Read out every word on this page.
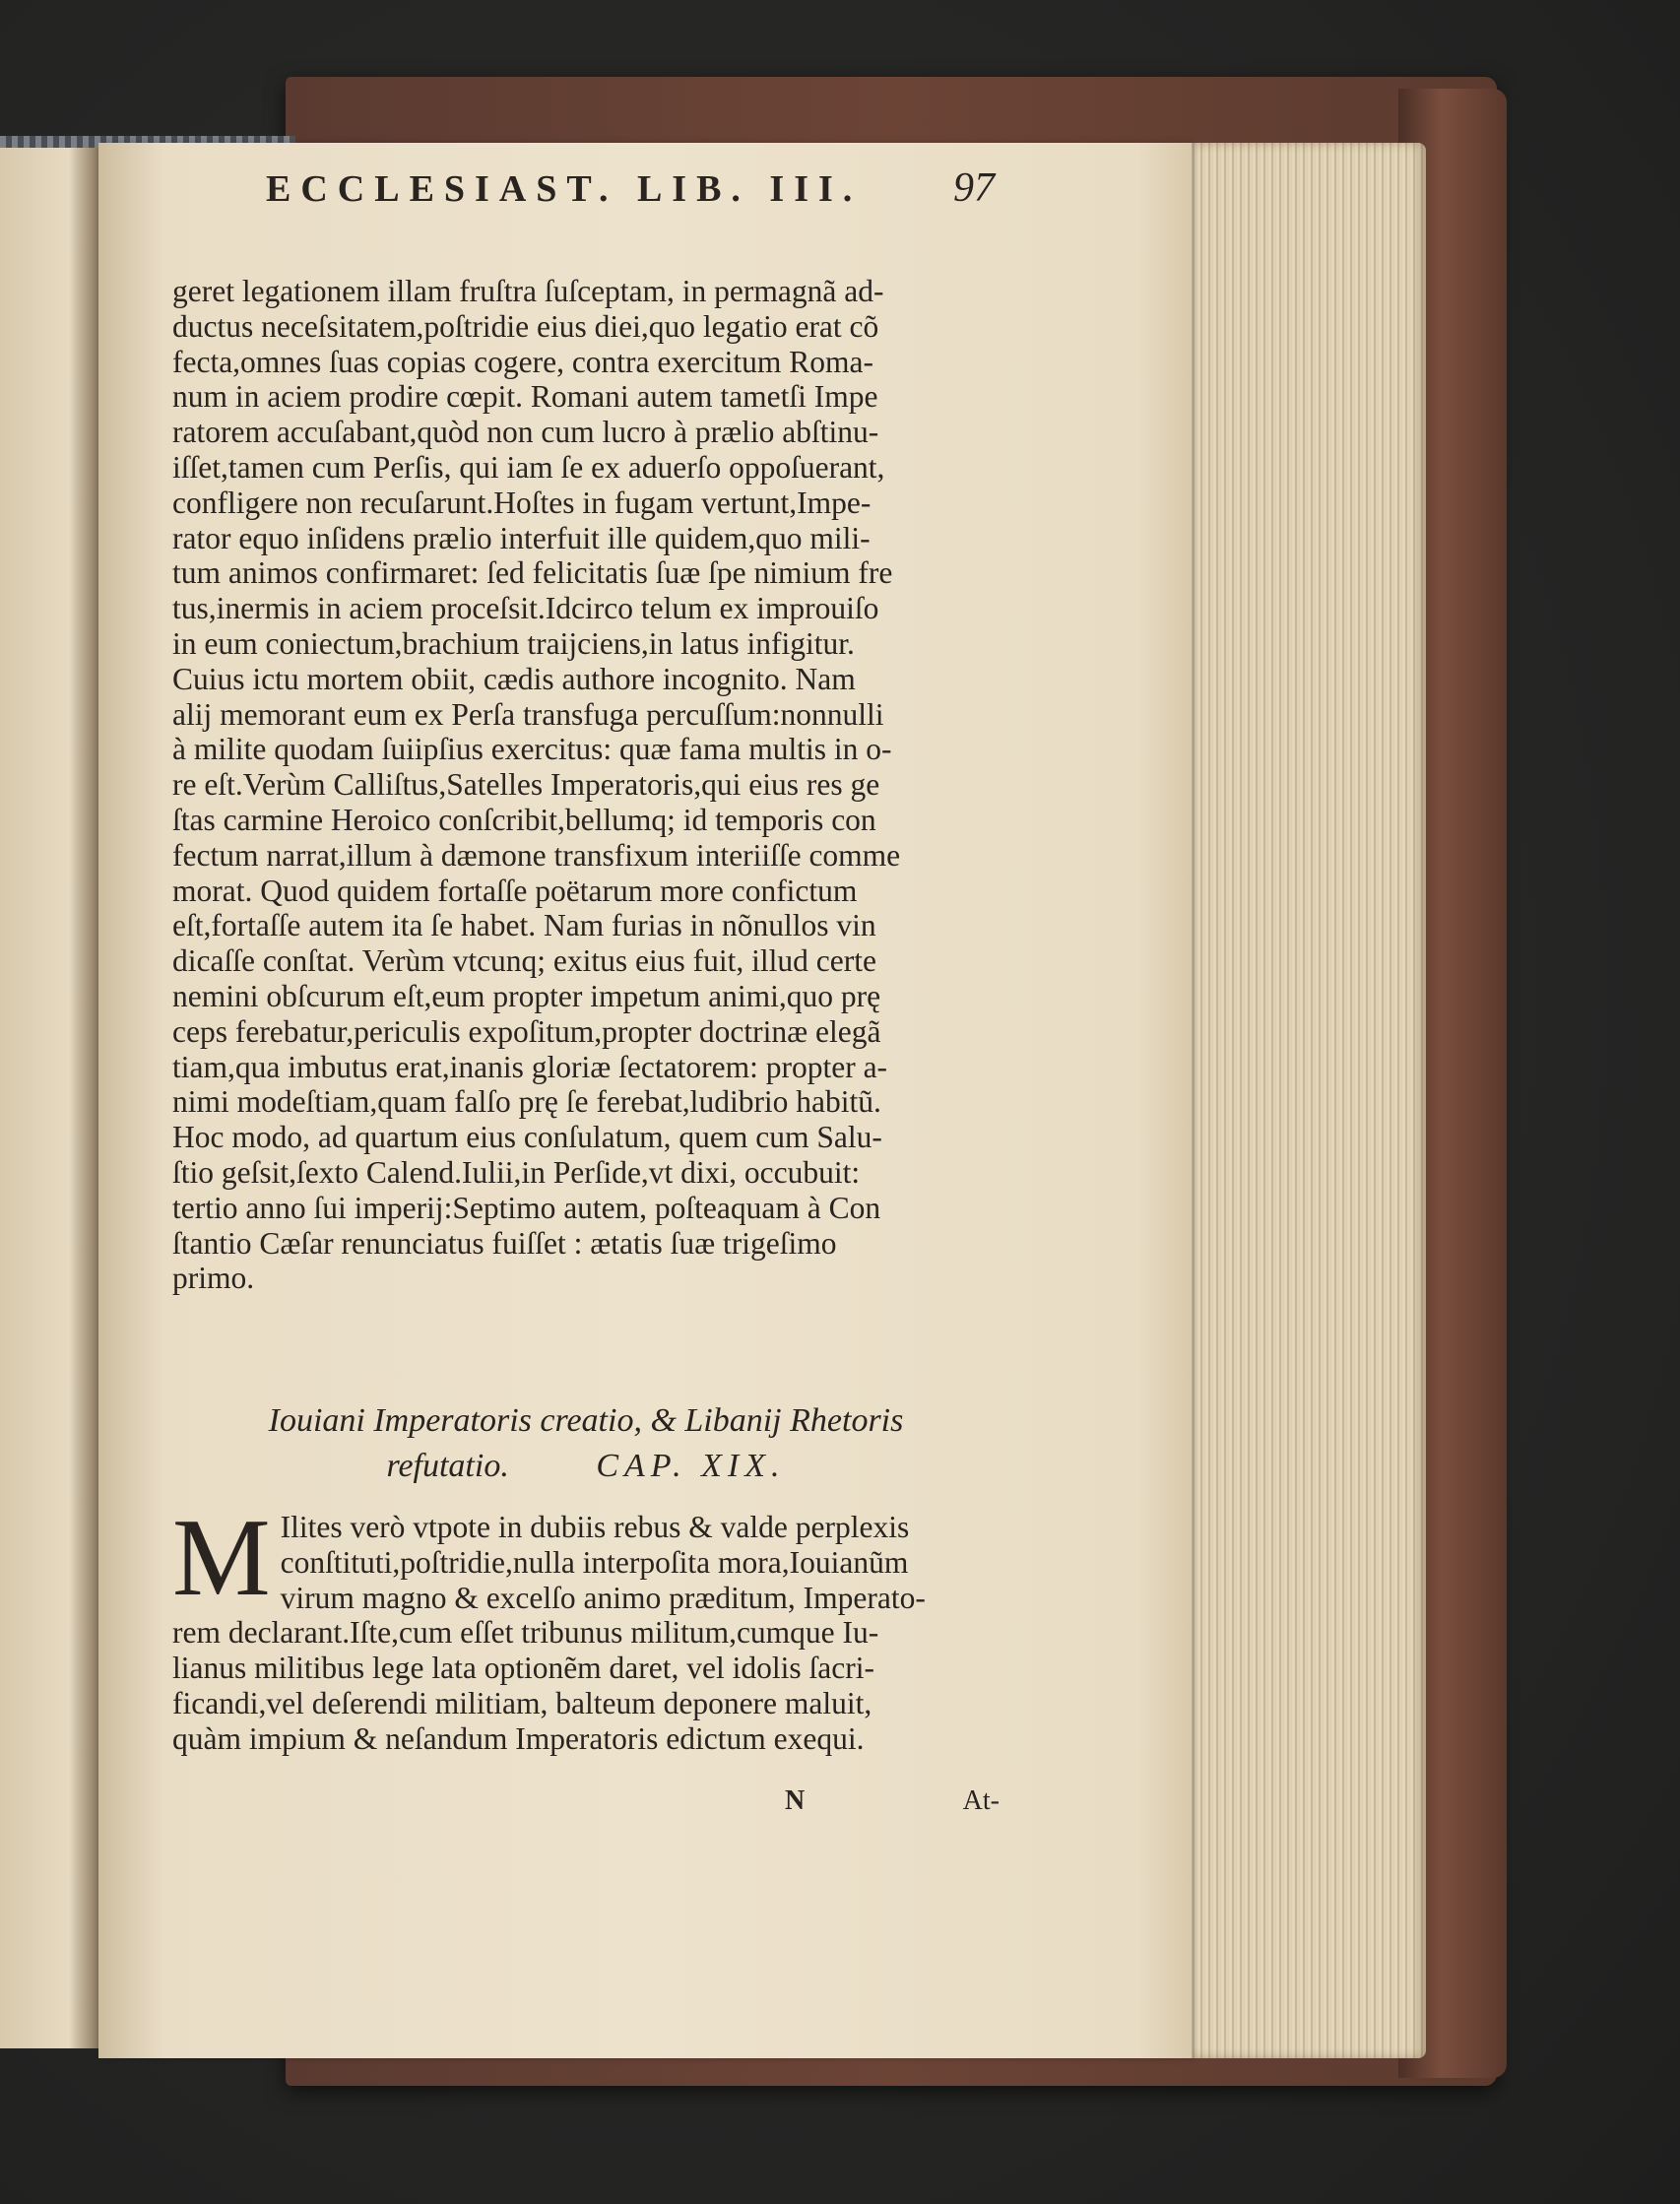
ECCLESIAST. LIB. III. 97
geret legationem illam fruſtra ſuſceptam, in permagnã ad-
ductus neceſsitatem,poſtridie eius diei,quo legatio erat cõ
fecta,omnes ſuas copias cogere, contra exercitum Roma-
num in aciem prodire cœpit. Romani autem tametſi Impe
ratorem accuſabant,quòd non cum lucro à prælio abſtinu-
iſſet,tamen cum Perſis, qui iam ſe ex aduerſo oppoſuerant,
confligere non recuſarunt.Hoſtes in fugam vertunt,Impe-
rator equo inſidens prælio interfuit ille quidem,quo mili-
tum animos confirmaret: ſed felicitatis ſuæ ſpe nimium fre
tus,inermis in aciem proceſsit.Idcirco telum ex improuiſo
in eum coniectum,brachium traijciens,in latus infigitur.
Cuius ictu mortem obiit, cædis authore incognito. Nam
alij memorant eum ex Perſa transfuga percuſſum:nonnulli
à milite quodam ſuiipſius exercitus: quæ fama multis in o-
re eſt.Verùm Calliſtus,Satelles Imperatoris,qui eius res ge
ſtas carmine Heroico conſcribit,bellumq; id temporis con
fectum narrat,illum à dæmone transfixum interiiſſe comme
morat. Quod quidem fortaſſe poëtarum more confictum
eſt,fortaſſe autem ita ſe habet. Nam furias in nõnullos vin
dicaſſe conſtat. Verùm vtcunq; exitus eius fuit, illud certe
nemini obſcurum eſt,eum propter impetum animi,quo prę
ceps ferebatur,periculis expoſitum,propter doctrinæ elegã
tiam,qua imbutus erat,inanis gloriæ ſectatorem: propter a-
nimi modeſtiam,quam falſo prę ſe ferebat,ludibrio habitũ.
Hoc modo, ad quartum eius conſulatum, quem cum Salu-
ſtio geſsit,ſexto Calend.Iulii,in Perſide,vt dixi, occubuit:
tertio anno ſui imperij:Septimo autem, poſteaquam à Con
ſtantio Cæſar renunciatus fuiſſet : ætatis ſuæ trigeſimo
primo.
Iouiani Imperatoris creatio, & Libanij Rhetoris
refutatio.	CAP. XIX.
M Ilites verò vtpote in dubiis rebus & valde perplexis
conſtituti,poſtridie,nulla interpoſita mora,Iouianũm
virum magno & excelſo animo præditum, Imperato-
rem declarant.Iſte,cum eſſet tribunus militum,cumque Iu-
lianus militibus lege lata optionẽm daret, vel idolis ſacri-
ficandi,vel deſerendi militiam, balteum deponere maluit,
quàm impium & neſandum Imperatoris edictum exequi.
N	At-
